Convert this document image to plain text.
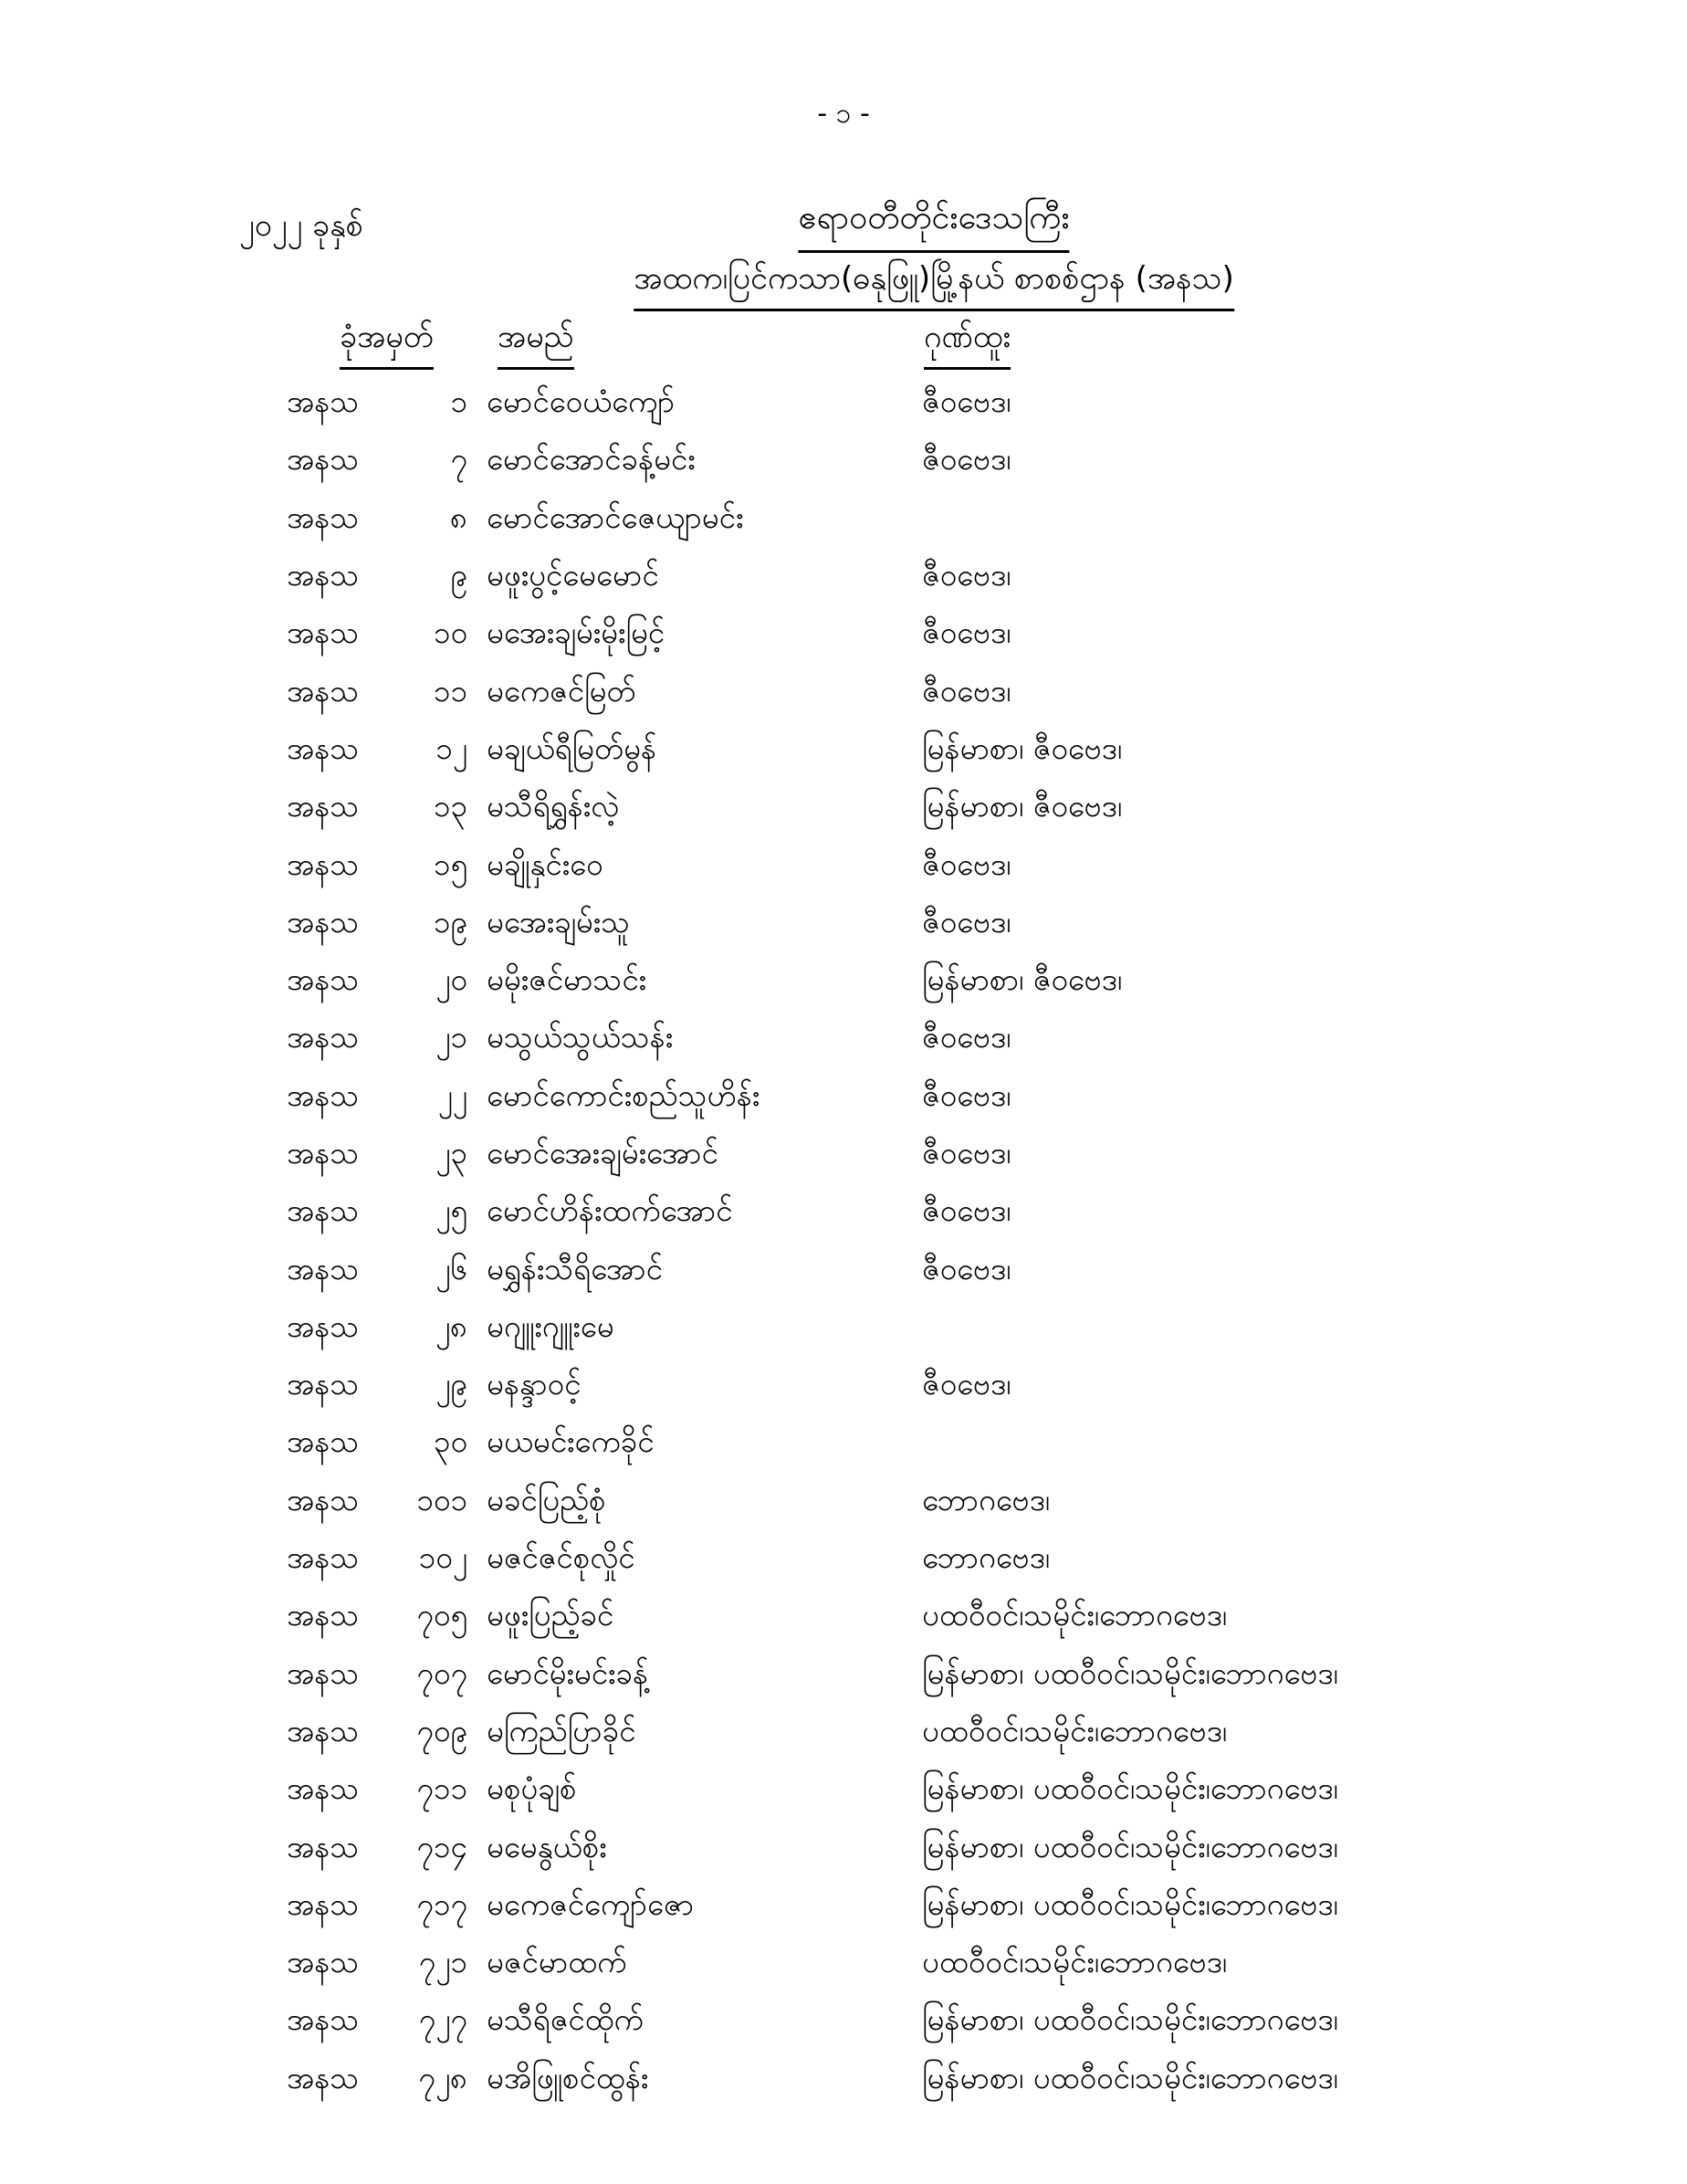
- ၁ -
၂၀၂၂ ခုနှစ်	ဧရာဝတီတိုင်းဒေသကြီး
အထက၊ပြင်ကသာ(ဓနုဖြူ)မြို့နယ် စာစစ်ဌာန (အနသ)
ခုံအမှတ် အမည်	ဂုဏ်ထူး
အနသ	၁ မောင်ဝေယံကျော်	ဇီဝဗေဒ၊
အနသ	၇ မောင်အောင်ခန့်မင်း	ဇီဝဗေဒ၊
အနသ	၈ မောင်အောင်ဇေယျာမင်း
အနသ	၉ မဖူးပွင့်မေမောင်	ဇီဝဗေဒ၊
အနသ	၁၀ မအေးချမ်းမိုးမြင့်	ဇီဝဗေဒ၊
အနသ	၁၁ မကေဇင်မြတ်	ဇီဝဗေဒ၊
အနသ	၁၂ မချယ်ရီမြတ်မွန်	မြန်မာစာ၊ ဇီဝဗေဒ၊
အနသ	၁၃ မသီရိရွှန်းလဲ့	မြန်မာစာ၊ ဇီဝဗေဒ၊
အနသ	၁၅ မချိုနှင်းဝေ	ဇီဝဗေဒ၊
အနသ	၁၉ မအေးချမ်းသူ	ဇီဝဗေဒ၊
အနသ	၂၀ မမိုးဇင်မာသင်း	မြန်မာစာ၊ ဇီဝဗေဒ၊
အနသ	၂၁ မသွယ်သွယ်သန်း	ဇီဝဗေဒ၊
အနသ	၂၂ မောင်ကောင်းစည်သူဟိန်း	ဇီဝဗေဒ၊
အနသ	၂၃ မောင်အေးချမ်းအောင်	ဇီဝဗေဒ၊
အနသ	၂၅ မောင်ဟိန်းထက်အောင်	ဇီဝဗေဒ၊
အနသ	၂၆ မရွှန်းသီရိအောင်	ဇီဝဗေဒ၊
အနသ	၂၈ မဂျူးဂျူးမေ
အနသ	၂၉ မနန္ဒာဝင့်	ဇီဝဗေဒ၊
အနသ	၃၀ မယမင်းကေခိုင်
အနသ	၁၀၁ မခင်ပြည့်စုံ	ဘောဂဗေဒ၊
အနသ	၁၀၂ မဇင်ဇင်စုလှိုင်	ဘောဂဗေဒ၊
အနသ	၇၀၅ မဖူးပြည့်ခင်	ပထဝီဝင်၊သမိုင်း၊ဘောဂဗေဒ၊
အနသ	၇၀၇ မောင်မိုးမင်းခန့်	မြန်မာစာ၊ ပထဝီဝင်၊သမိုင်း၊ဘောဂဗေဒ၊
အနသ	၇၀၉ မကြည်ပြာခိုင်	ပထဝီဝင်၊သမိုင်း၊ဘောဂဗေဒ၊
အနသ	၇၁၁ မစုပုံချစ်	မြန်မာစာ၊ ပထဝီဝင်၊သမိုင်း၊ဘောဂဗေဒ၊
အနသ	၇၁၄ မမေနွယ်စိုး	မြန်မာစာ၊ ပထဝီဝင်၊သမိုင်း၊ဘောဂဗေဒ၊
အနသ	၇၁၇ မကေဇင်ကျော်ဇော	မြန်မာစာ၊ ပထဝီဝင်၊သမိုင်း၊ဘောဂဗေဒ၊
အနသ	၇၂၁ မဇင်မာထက်	ပထဝီဝင်၊သမိုင်း၊ဘောဂဗေဒ၊
အနသ	၇၂၇ မသီရိဇင်ထိုက်	မြန်မာစာ၊ ပထဝီဝင်၊သမိုင်း၊ဘောဂဗေဒ၊
အနသ	၇၂၈ မအိဖြူစင်ထွန်း	မြန်မာစာ၊ ပထဝီဝင်၊သမိုင်း၊ဘောဂဗေဒ၊
